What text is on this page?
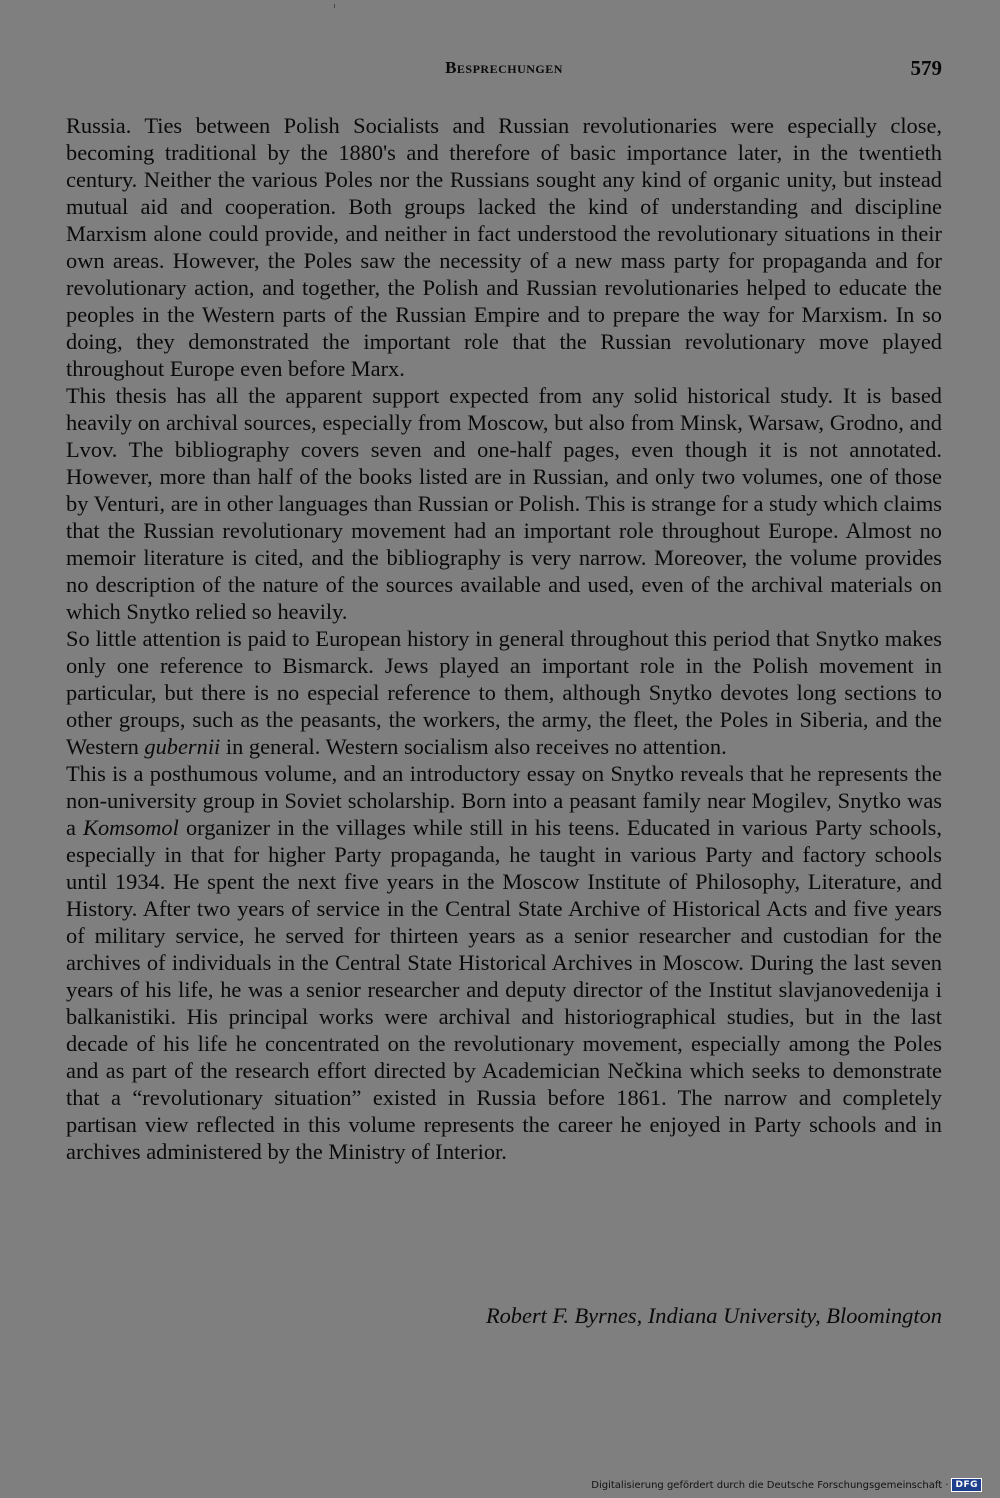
Besprechungen	579

Russia. Ties between Polish Socialists and Russian revolutionaries were especially close, becoming traditional by the 1880's and therefore of basic importance later, in the twentieth century. Neither the various Poles nor the Russians sought any kind of organic unity, but instead mutual aid and cooperation. Both groups lacked the kind of understanding and discipline Marxism alone could provide, and neither in fact understood the revolutionary situations in their own areas. However, the Poles saw the necessity of a new mass party for propaganda and for revolutionary action, and together, the Polish and Russian revolutionaries helped to educate the peoples in the Western parts of the Russian Empire and to prepare the way for Marxism. In so doing, they demonstrated the important role that the Russian revolutionary move played throughout Europe even before Marx.

This thesis has all the apparent support expected from any solid historical study. It is based heavily on archival sources, especially from Moscow, but also from Minsk, Warsaw, Grodno, and Lvov. The bibliography covers seven and one-half pages, even though it is not annotated. However, more than half of the books listed are in Russian, and only two volumes, one of those by Venturi, are in other languages than Russian or Polish. This is strange for a study which claims that the Russian revolutionary movement had an important role throughout Europe. Almost no memoir literature is cited, and the bibliography is very narrow. Moreover, the volume provides no description of the nature of the sources available and used, even of the archival materials on which Snytko relied so heavily.

So little attention is paid to European history in general throughout this period that Snytko makes only one reference to Bismarck. Jews played an important role in the Polish movement in particular, but there is no especial reference to them, although Snytko devotes long sections to other groups, such as the peasants, the workers, the army, the fleet, the Poles in Siberia, and the Western gubernii in general. Western socialism also receives no attention.

This is a posthumous volume, and an introductory essay on Snytko reveals that he represents the non-university group in Soviet scholarship. Born into a peasant family near Mogilev, Snytko was a Komsomol organizer in the villages while still in his teens. Educated in various Party schools, especially in that for higher Party propaganda, he taught in various Party and factory schools until 1934. He spent the next five years in the Moscow Institute of Philosophy, Literature, and History. After two years of service in the Central State Archive of Historical Acts and five years of military service, he served for thirteen years as a senior researcher and custodian for the archives of individuals in the Central State Historical Archives in Moscow. During the last seven years of his life, he was a senior researcher and deputy director of the Institut slavjanovedenija i balkanistiki. His principal works were archival and historiographical studies, but in the last decade of his life he concentrated on the revolutionary movement, especially among the Poles and as part of the research effort directed by Academician Nečkina which seeks to demonstrate that a “revolutionary situation” existed in Russia before 1861. The narrow and completely partisan view reflected in this volume represents the career he enjoyed in Party schools and in archives administered by the Ministry of Interior.

Robert F. Byrnes, Indiana University, Bloomington
Digitalisierung gefördert durch die Deutsche Forschungsgemeinschaft · DFG
